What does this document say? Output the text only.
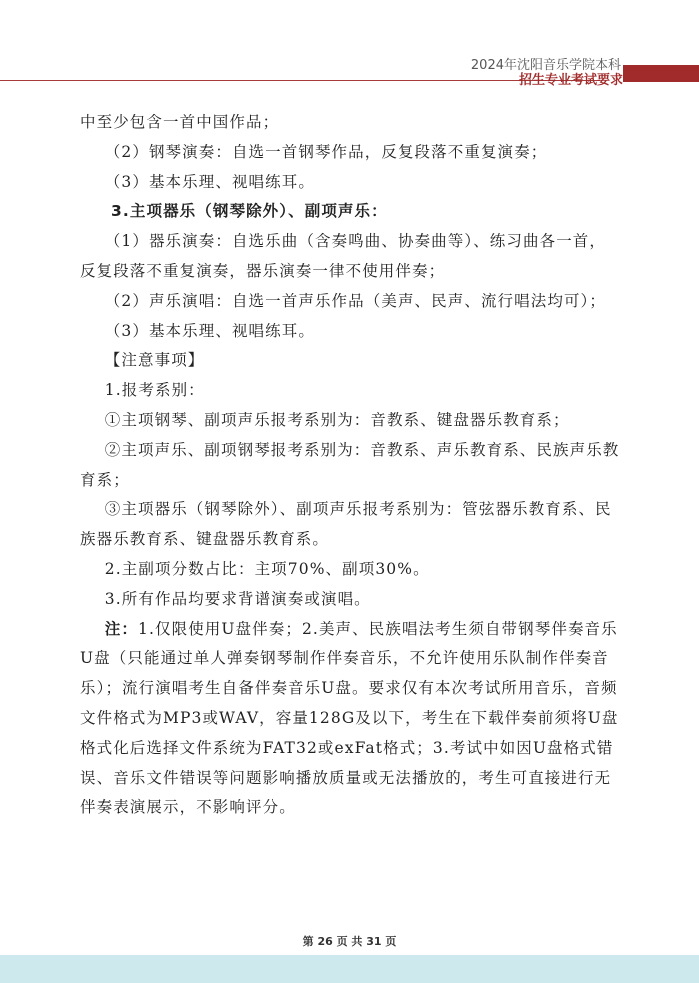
2024年沈阳音乐学院本科
招生专业考试要求

中至少包含一首中国作品；

（2）钢琴演奏：自选一首钢琴作品，反复段落不重复演奏；

（3）基本乐理、视唱练耳。

3.主项器乐（钢琴除外）、副项声乐：

（1）器乐演奏：自选乐曲（含奏鸣曲、协奏曲等）、练习曲各一首，反复段落不重复演奏，器乐演奏一律不使用伴奏；

（2）声乐演唱：自选一首声乐作品（美声、民声、流行唱法均可）；

（3）基本乐理、视唱练耳。

【注意事项】

1.报考系别：

①主项钢琴、副项声乐报考系别为：音教系、键盘器乐教育系；

②主项声乐、副项钢琴报考系别为：音教系、声乐教育系、民族声乐教育系；

③主项器乐（钢琴除外）、副项声乐报考系别为：管弦器乐教育系、民族器乐教育系、键盘器乐教育系。

2.主副项分数占比：主项70%、副项30%。

3.所有作品均要求背谱演奏或演唱。

注：1.仅限使用U盘伴奏；2.美声、民族唱法考生须自带钢琴伴奏音乐U盘（只能通过单人弹奏钢琴制作伴奏音乐，不允许使用乐队制作伴奏音乐）；流行演唱考生自备伴奏音乐U盘。要求仅有本次考试所用音乐，音频文件格式为MP3或WAV，容量128G及以下，考生在下载伴奏前须将U盘格式化后选择文件系统为FAT32或exFat格式；3.考试中如因U盘格式错误、音乐文件错误等问题影响播放质量或无法播放的，考生可直接进行无伴奏表演展示，不影响评分。

第 26 页 共 31 页
